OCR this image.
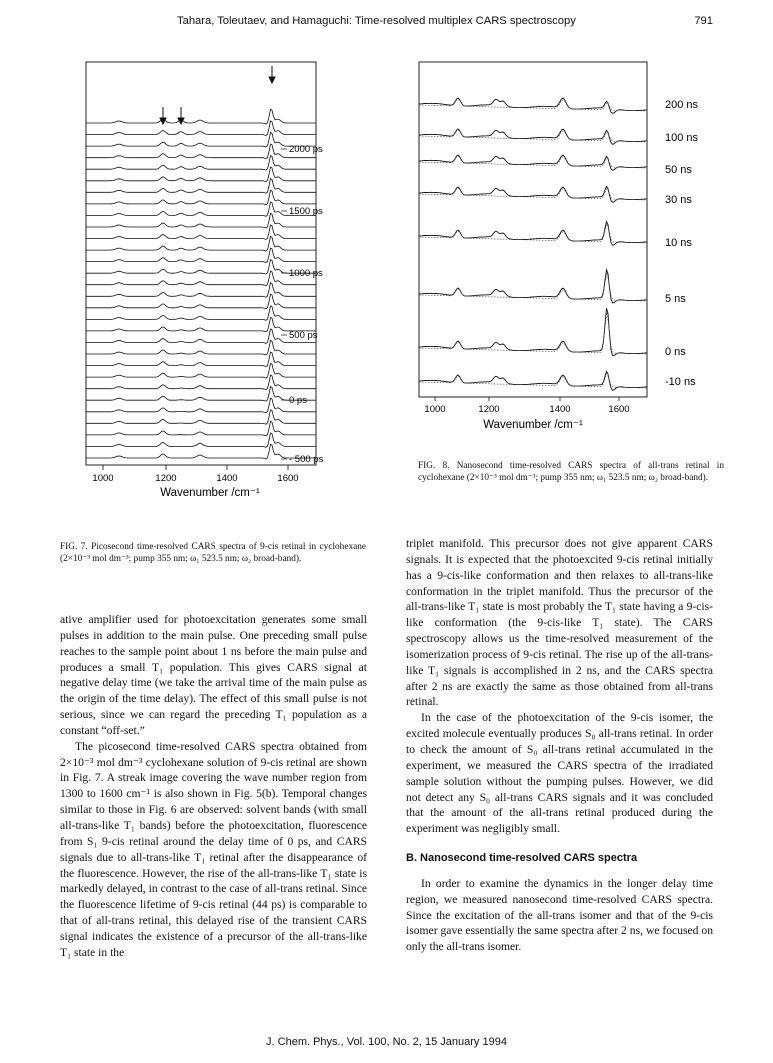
Tahara, Toleutaev, and Hamaguchi: Time-resolved multiplex CARS spectroscopy	791
2000 ps
1500 ps
1000 ps
500 ps
0 ps
- 500 ps
1000	1200	1400	1600
Wavenumber /cm⁻¹
200 ns
100 ns
50 ns
30 ns
10 ns
5 ns
0 ns
-10 ns
1000	1200	1400	1600
Wavenumber /cm⁻¹
FIG. 8. Nanosecond time-resolved CARS spectra of all-trans retinal in cyclohexane (2×10⁻³ mol dm⁻³; pump 355 nm; ω₁ 523.5 nm; ω₂ broad-band).
FIG. 7. Picosecond time-resolved CARS spectra of 9-cis retinal in cyclohexane (2×10⁻³ mol dm⁻³; pump 355 nm; ω₁ 523.5 nm; ω₂ broad-band).

ative amplifier used for photoexcitation generates some small pulses in addition to the main pulse. One preceding small pulse reaches to the sample point about 1 ns before the main pulse and produces a small T₁ population. This gives CARS signal at negative delay time (we take the arrival time of the main pulse as the origin of the time delay). The effect of this small pulse is not serious, since we can regard the preceding T₁ population as a constant “off-set.”

The picosecond time-resolved CARS spectra obtained from 2×10⁻³ mol dm⁻³ cyclohexane solution of 9-cis retinal are shown in Fig. 7. A streak image covering the wave number region from 1300 to 1600 cm⁻¹ is also shown in Fig. 5(b). Temporal changes similar to those in Fig. 6 are observed: solvent bands (with small all-trans-like T₁ bands) before the photoexcitation, fluorescence from S₁ 9-cis retinal around the delay time of 0 ps, and CARS signals due to all-trans-like T₁ retinal after the disappearance of the fluorescence. However, the rise of the all-trans-like T₁ state is markedly delayed, in contrast to the case of all-trans retinal. Since the fluorescence lifetime of 9-cis retinal (44 ps) is comparable to that of all-trans retinal, this delayed rise of the transient CARS signal indicates the existence of a precursor of the all-trans-like T₁ state in the

triplet manifold. This precursor does not give apparent CARS signals. It is expected that the photoexcited 9-cis retinal initially has a 9-cis-like conformation and then relaxes to all-trans-like conformation in the triplet manifold. Thus the precursor of the all-trans-like T₁ state is most probably the T₁ state having a 9-cis-like conformation (the 9-cis-like T₁ state). The CARS spectroscopy allows us the time-resolved measurement of the isomerization process of 9-cis retinal. The rise up of the all-trans-like T₁ signals is accomplished in 2 ns, and the CARS spectra after 2 ns are exactly the same as those obtained from all-trans retinal.

In the case of the photoexcitation of the 9-cis isomer, the excited molecule eventually produces S₀ all-trans retinal. In order to check the amount of S₀ all-trans retinal accumulated in the experiment, we measured the CARS spectra of the irradiated sample solution without the pumping pulses. However, we did not detect any S₀ all-trans CARS signals and it was concluded that the amount of the all-trans retinal produced during the experiment was negligibly small.

B. Nanosecond time-resolved CARS spectra

In order to examine the dynamics in the longer delay time region, we measured nanosecond time-resolved CARS spectra. Since the excitation of the all-trans isomer and that of the 9-cis isomer gave essentially the same spectra after 2 ns, we focused on only the all-trans isomer.

J. Chem. Phys., Vol. 100, No. 2, 15 January 1994
